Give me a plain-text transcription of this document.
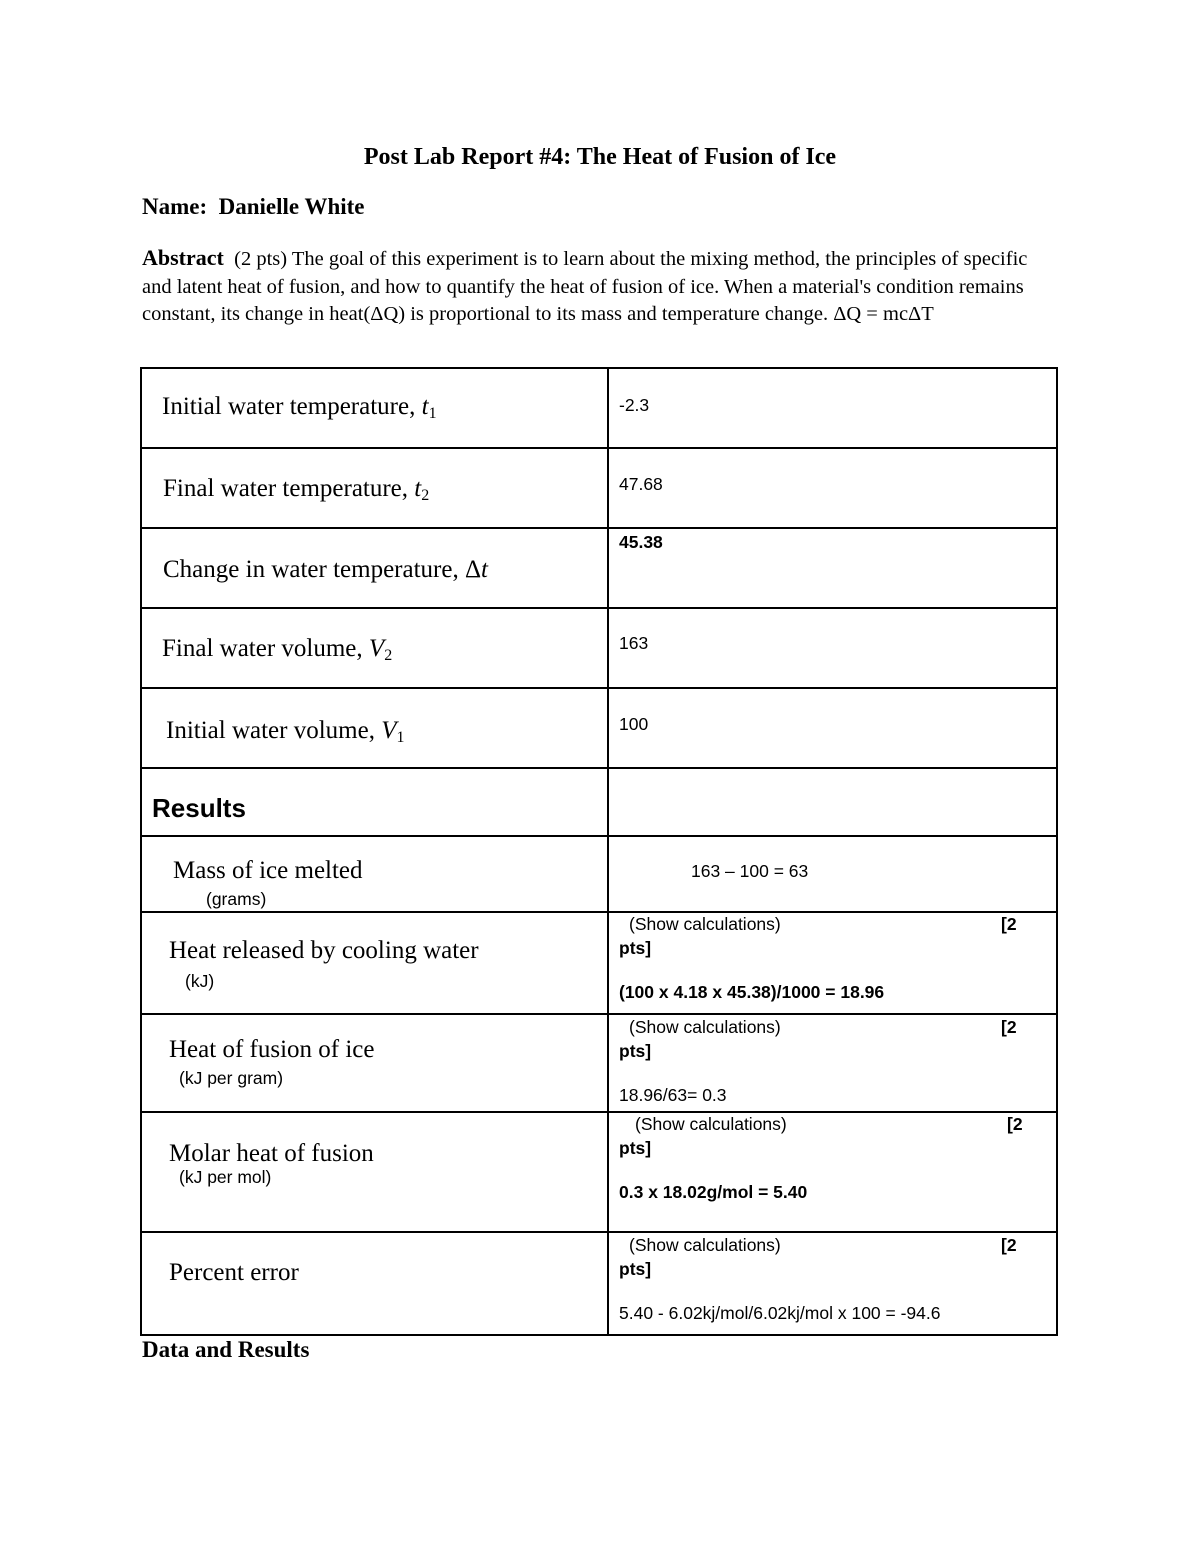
Post Lab Report #4: The Heat of Fusion of Ice
Name: Danielle White
Abstract (2 pts) The goal of this experiment is to learn about the mixing method, the principles of specific and latent heat of fusion, and how to quantify the heat of fusion of ice. When a material's condition remains constant, its change in heat(ΔQ) is proportional to its mass and temperature change. ΔQ = mcΔT
Initial water temperature, $t_1$	-2.3

Final water temperature, $t_2$	47.68

Change in water temperature, Δt	45.38

Final water volume, $V_2$	163

Initial water volume, $V_1$	100

Results	

Mass of ice melted
(grams)	163 – 100 = 63

Heat released by cooling water
(kJ)	(Show calculations) [2
pts]
(100 x 4.18 x 45.38)/1000 = 18.96

Heat of fusion of ice
(kJ per gram)	(Show calculations) [2
pts]
18.96/63= 0.3

Molar heat of fusion
(kJ per mol)	(Show calculations) [2
pts]
0.3 x 18.02g/mol = 5.40

Percent error	(Show calculations) [2
pts]
5.40 - 6.02kj/mol/6.02kj/mol x 100 = -94.6
Data and Results
